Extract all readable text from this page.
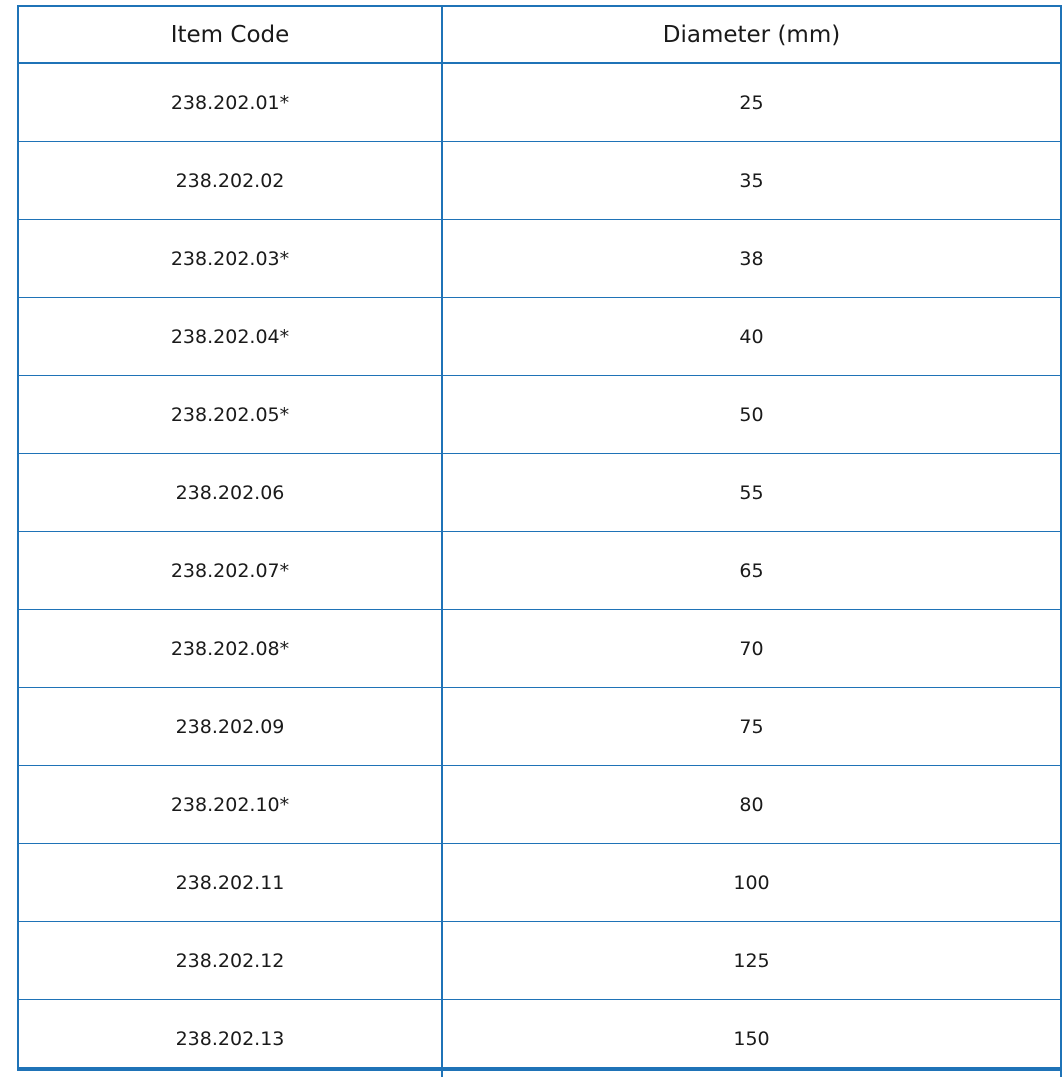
Item Code	Diameter (mm)
238.202.01*	25
238.202.02	35
238.202.03*	38
238.202.04*	40
238.202.05*	50
238.202.06	55
238.202.07*	65
238.202.08*	70
238.202.09	75
238.202.10*	80
238.202.11	100
238.202.12	125
238.202.13	150
